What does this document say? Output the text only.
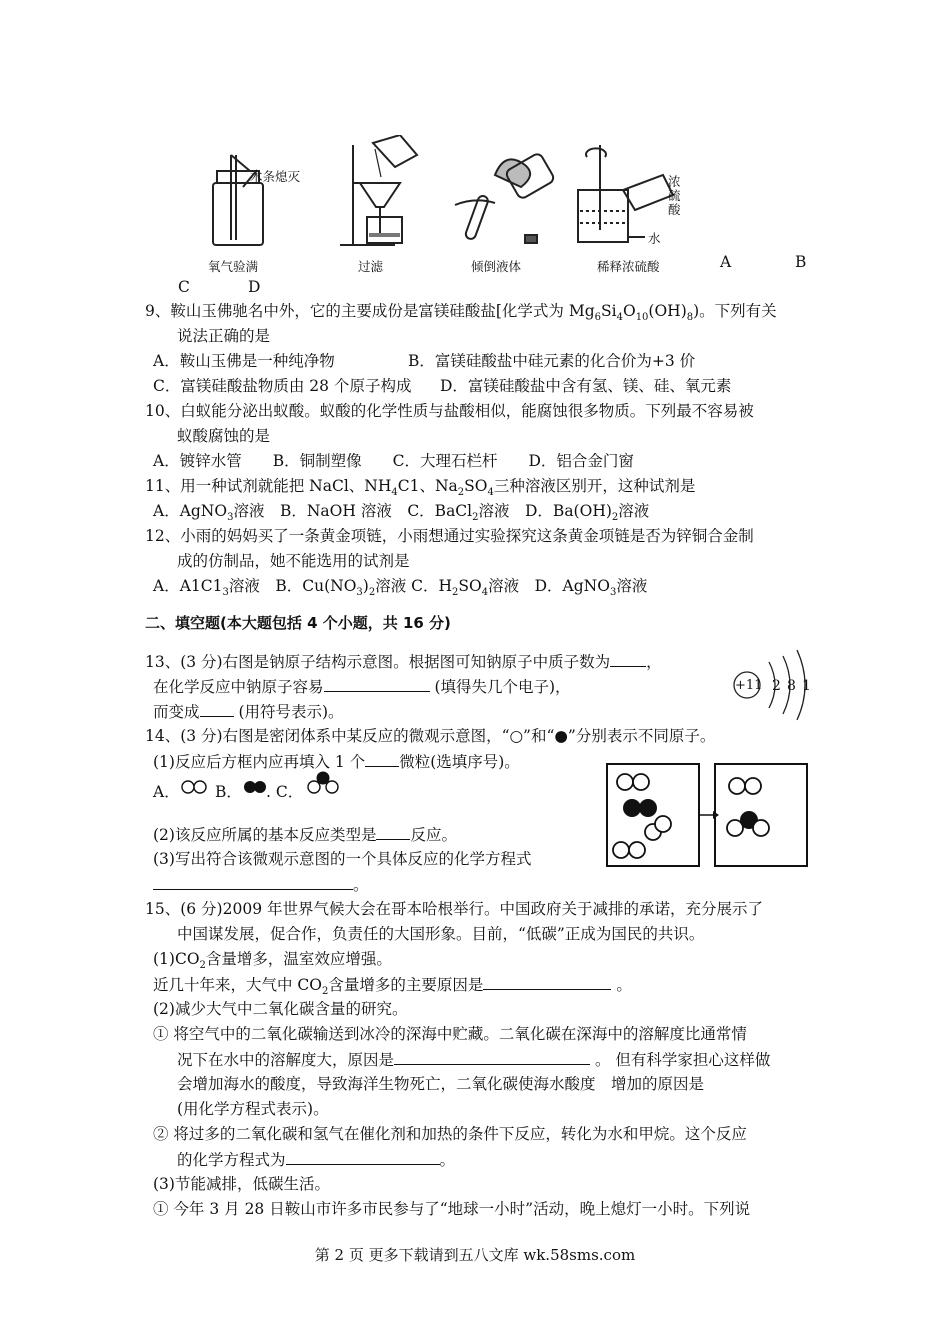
木条熄灭	浓
硫
酸
水
氧气验满	过滤	倾倒液体	稀释浓硫酸	A	B
C	D
9、鞍山玉佛驰名中外，它的主要成份是富镁硅酸盐[化学式为 $Mg_6Si_4O_{10}(OH)_8$)。下列有关
说法正确的是
A．鞍山玉佛是一种纯净物	B．富镁硅酸盐中硅元素的化合价为+3 价
C．富镁硅酸盐物质由 28 个原子构成 D．富镁硅酸盐中含有氢、镁、硅、氧元素
10、白蚁能分泌出蚁酸。蚁酸的化学性质与盐酸相似，能腐蚀很多物质。下列最不容易被
蚁酸腐蚀的是
A．镀锌水管　　B．铜制塑像　　C．大理石栏杆　　D．铝合金门窗
11、用一种试剂就能把 NaCl、$NH_4C1$、$Na_2SO_4$三种溶液区别开，这种试剂是
A．AgNO$_3$溶液　B．NaOH 溶液　C．BaCl$_2$溶液　D．$Ba(OH)_2$溶液
12、小雨的妈妈买了一条黄金项链，小雨想通过实验探究这条黄金项链是否为锌铜合金制
成的仿制品，她不能选用的试剂是
A．$A1C1_3$溶液　B．$Cu(NO_3)_2$溶液 C．$H_2SO_4$溶液　D．AgNO$_3$溶液
二、填空题(本大题包括 4 个小题，共 16 分)
13、(3 分)右图是钠原子结构示意图。根据图可知钠原子中质子数为 ，
在化学反应中钠原子容易	(填得失几个电子)，
而变成 (用符号表示)。
+11 2 8 1
14、(3 分)右图是密闭体系中某反应的微观示意图，“○”和“●”分别表示不同原子。
(1)反应后方框内应再填入 1 个 微粒(选填序号)。
A． B． . C．
(2)该反应所属的基本反应类型是 反应。
(3)写出符合该微观示意图的一个具体反应的化学方程式
。
15、(6 分)2009 年世界气候大会在哥本哈根举行。中国政府关于减排的承诺，充分展示了
中国谋发展，促合作，负责任的大国形象。目前，“低碳”正成为国民的共识。
$(1)CO_2$含量增多，温室效应增强。
近几十年来，大气中 $CO_2$含量增多的主要原因是	。
(2)减少大气中二氧化碳含量的研究。
① 将空气中的二氧化碳输送到冰冷的深海中贮藏。二氧化碳在深海中的溶解度比通常情
况下在水中的溶解度大，原因是	。 但有科学家担心这样做
会增加海水的酸度，导致海洋生物死亡，二氧化碳使海水酸度　增加的原因是
(用化学方程式表示)。
② 将过多的二氧化碳和氢气在催化剂和加热的条件下反应，转化为水和甲烷。这个反应
的化学方程式为	。
(3)节能减排，低碳生活。
① 今年 3 月 28 日鞍山市许多市民参与了“地球一小时”活动，晚上熄灯一小时。下列说
第 2 页 更多下载请到五八文库 wk.58sms.com
